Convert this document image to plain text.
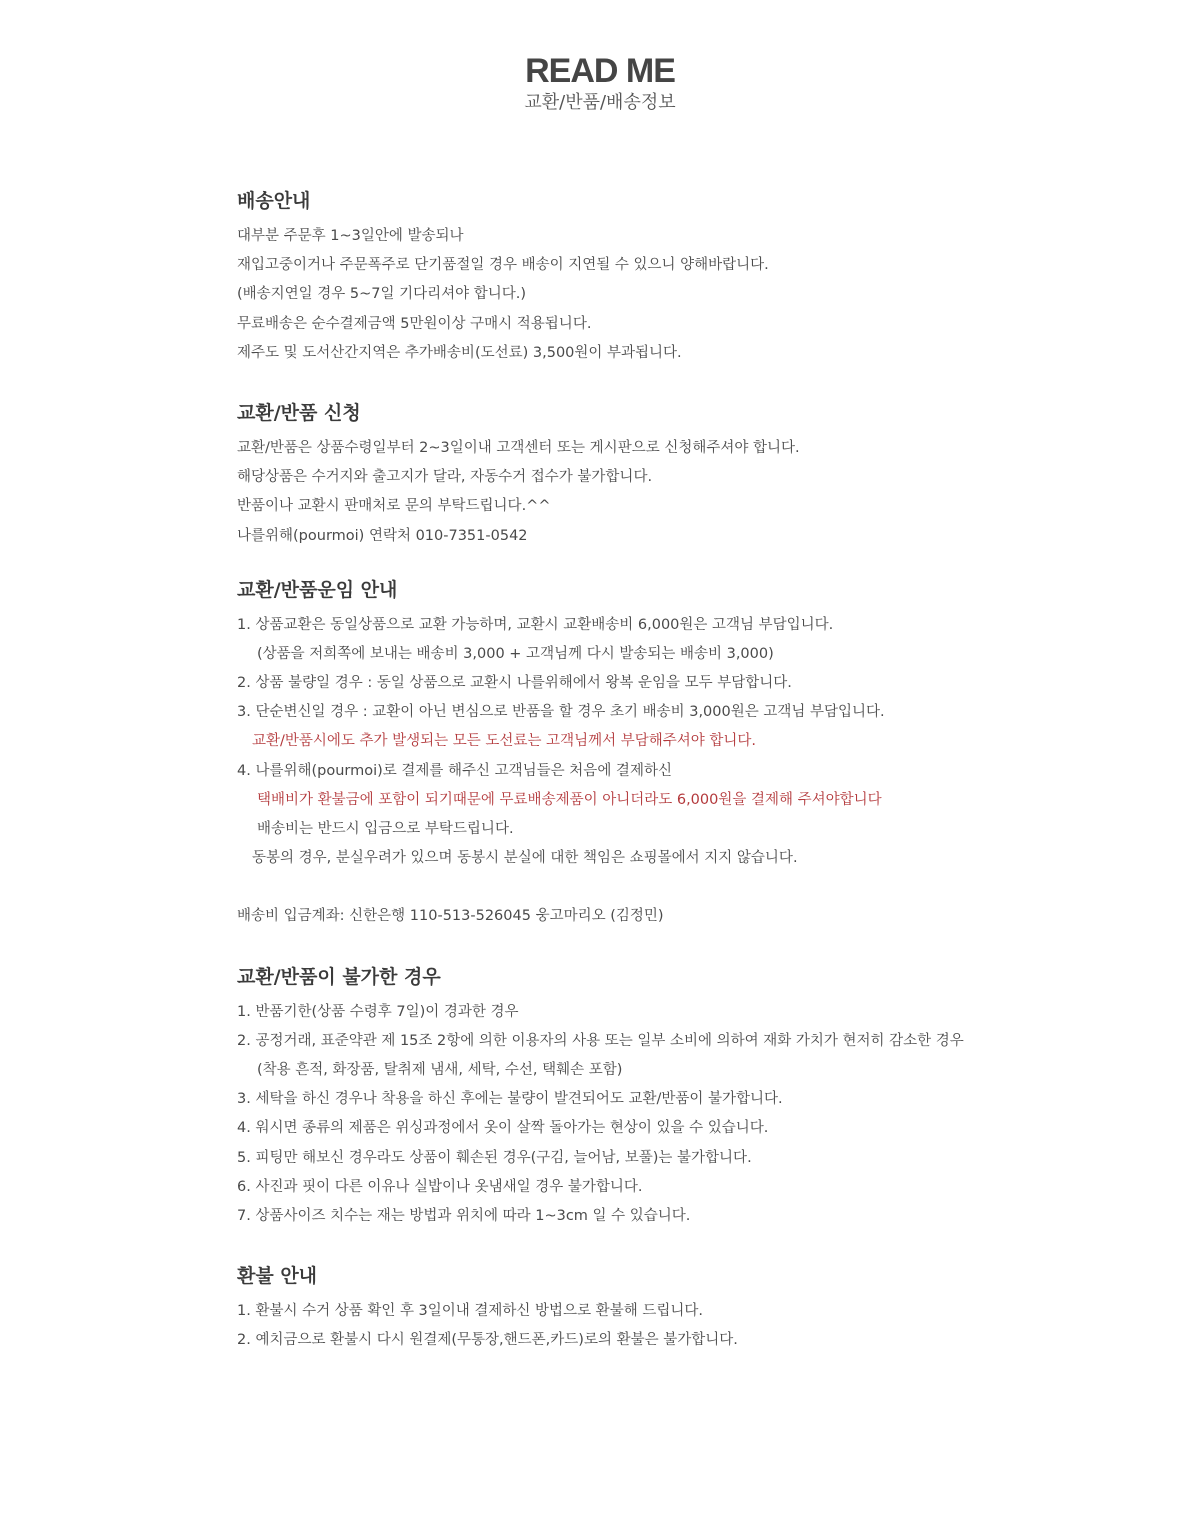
READ ME
교환/반품/배송정보
배송안내
대부분 주문후 1~3일안에 발송되나
재입고중이거나 주문폭주로 단기품절일 경우 배송이 지연될 수 있으니 양해바랍니다.
(배송지연일 경우 5~7일 기다리셔야 합니다.)
무료배송은 순수결제금액 5만원이상 구매시 적용됩니다.
제주도 및 도서산간지역은 추가배송비(도선료) 3,500원이 부과됩니다.
교환/반품 신청
교환/반품은 상품수령일부터 2~3일이내 고객센터 또는 게시판으로 신청해주셔야 합니다.
해당상품은 수거지와 출고지가 달라, 자동수거 접수가 불가합니다.
반품이나 교환시 판매처로 문의 부탁드립니다.^^
나를위해(pourmoi) 연락처 010-7351-0542
교환/반품운임 안내
1. 상품교환은 동일상품으로 교환 가능하며, 교환시 교환배송비 6,000원은 고객님 부담입니다.
(상품을 저희쪽에 보내는 배송비 3,000 + 고객님께 다시 발송되는 배송비 3,000)
2. 상품 불량일 경우 : 동일 상품으로 교환시 나를위해에서 왕복 운임을 모두 부담합니다.
3. 단순변신일 경우 : 교환이 아닌 변심으로 반품을 할 경우 초기 배송비 3,000원은 고객님 부담입니다.
교환/반품시에도 추가 발생되는 모든 도선료는 고객님께서 부담해주셔야 합니다.
4. 나를위해(pourmoi)로 결제를 해주신 고객님들은 처음에 결제하신
택배비가 환불금에 포함이 되기때문에 무료배송제품이 아니더라도 6,000원을 결제해 주셔야합니다
배송비는 반드시 입금으로 부탁드립니다.
동봉의 경우, 분실우려가 있으며 동봉시 분실에 대한 책임은 쇼핑몰에서 지지 않습니다.
배송비 입금계좌: 신한은행 110-513-526045 웅고마리오 (김정민)
교환/반품이 불가한 경우
1. 반품기한(상품 수령후 7일)이 경과한 경우
2. 공정거래, 표준약관 제 15조 2항에 의한 이용자의 사용 또는 일부 소비에 의하여 재화 가치가 현저히 감소한 경우
(착용 흔적, 화장품, 탈취제 냄새, 세탁, 수선, 택훼손 포함)
3. 세탁을 하신 경우나 착용을 하신 후에는 불량이 발견되어도 교환/반품이 불가합니다.
4. 워시면 종류의 제품은 위싱과정에서 옷이 살짝 돌아가는 현상이 있을 수 있습니다.
5. 피팅만 해보신 경우라도 상품이 훼손된 경우(구김, 늘어남, 보풀)는 불가합니다.
6. 사진과 핏이 다른 이유나 실밥이나 옷냄새일 경우 불가합니다.
7. 상품사이즈 치수는 재는 방법과 위치에 따라 1~3cm 일 수 있습니다.
환불 안내
1. 환불시 수거 상품 확인 후 3일이내 결제하신 방법으로 환불해 드립니다.
2. 예치금으로 환불시 다시 원결제(무통장,핸드폰,카드)로의 환불은 불가합니다.
